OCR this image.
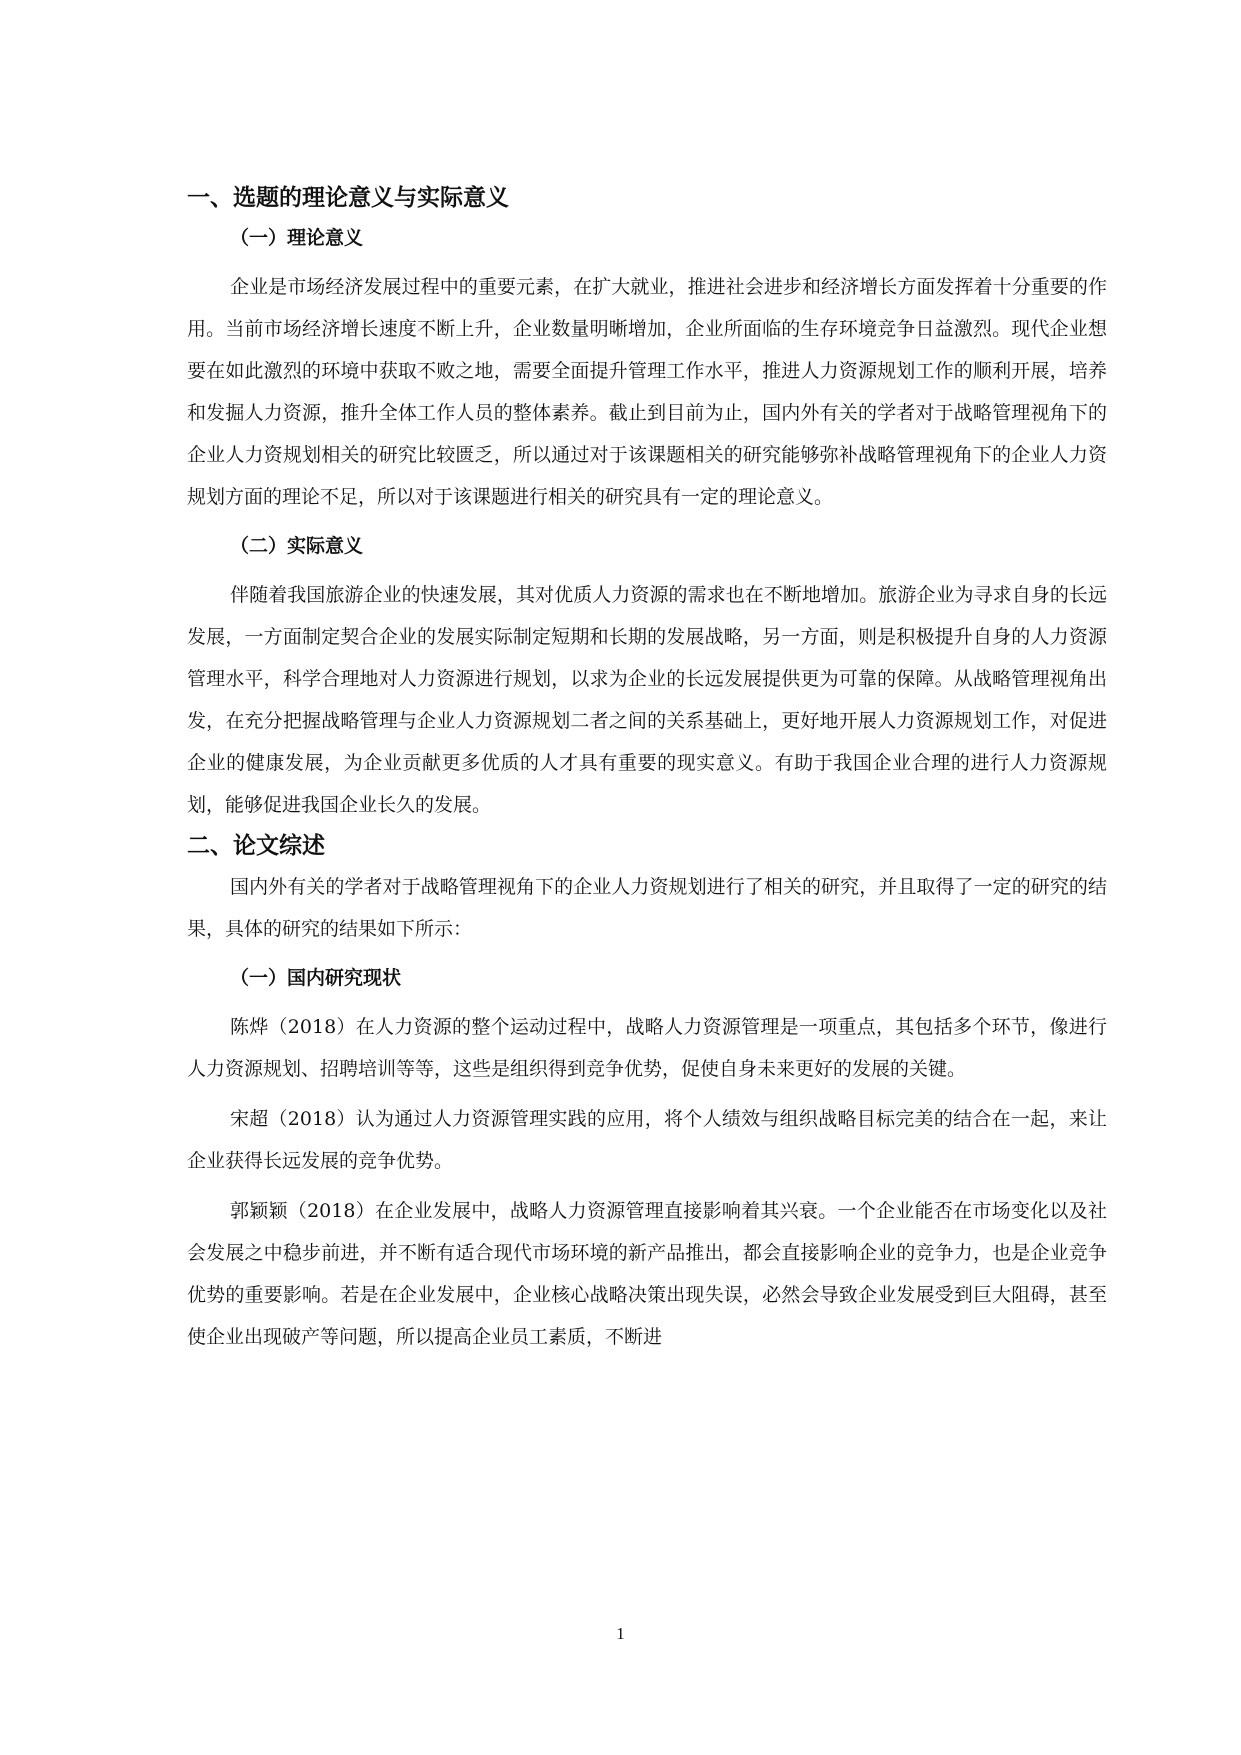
一、选题的理论意义与实际意义
（一）理论意义

企业是市场经济发展过程中的重要元素，在扩大就业，推进社会进步和经济增长方面发挥着十分重要的作用。当前市场经济增长速度不断上升，企业数量明晰增加，企业所面临的生存环境竞争日益激烈。现代企业想要在如此激烈的环境中获取不败之地，需要全面提升管理工作水平，推进人力资源规划工作的顺利开展，培养和发掘人力资源，推升全体工作人员的整体素养。截止到目前为止，国内外有关的学者对于战略管理视角下的企业人力资规划相关的研究比较匮乏，所以通过对于该课题相关的研究能够弥补战略管理视角下的企业人力资规划方面的理论不足，所以对于该课题进行相关的研究具有一定的理论意义。

（二）实际意义

伴随着我国旅游企业的快速发展，其对优质人力资源的需求也在不断地增加。旅游企业为寻求自身的长远发展，一方面制定契合企业的发展实际制定短期和长期的发展战略，另一方面，则是积极提升自身的人力资源管理水平，科学合理地对人力资源进行规划，以求为企业的长远发展提供更为可靠的保障。从战略管理视角出发，在充分把握战略管理与企业人力资源规划二者之间的关系基础上，更好地开展人力资源规划工作，对促进企业的健康发展，为企业贡献更多优质的人才具有重要的现实意义。有助于我国企业合理的进行人力资源规划，能够促进我国企业长久的发展。

二、论文综述

国内外有关的学者对于战略管理视角下的企业人力资规划进行了相关的研究，并且取得了一定的研究的结果，具体的研究的结果如下所示：

（一）国内研究现状

陈烨（2018）在人力资源的整个运动过程中，战略人力资源管理是一项重点，其包括多个环节，像进行人力资源规划、招聘培训等等，这些是组织得到竞争优势，促使自身未来更好的发展的关键。

宋超（2018）认为通过人力资源管理实践的应用，将个人绩效与组织战略目标完美的结合在一起，来让企业获得长远发展的竞争优势。

郭颖颖（2018）在企业发展中，战略人力资源管理直接影响着其兴衰。一个企业能否在市场变化以及社会发展之中稳步前进，并不断有适合现代市场环境的新产品推出，都会直接影响企业的竞争力，也是企业竞争优势的重要影响。若是在企业发展中，企业核心战略决策出现失误，必然会导致企业发展受到巨大阻碍，甚至使企业出现破产等问题，所以提高企业员工素质，不断进

1
